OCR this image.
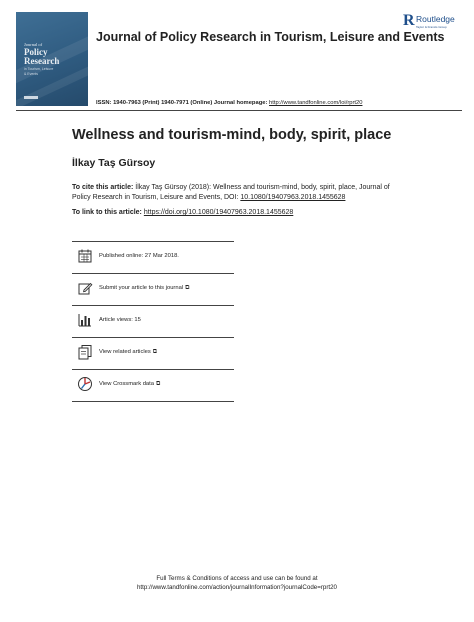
Journal of
Policy
Research
in Tourism, Leisure
& Events
Journal of Policy Research in Tourism, Leisure and Events
R Routledge
Taylor & Francis Group
ISSN: 1940-7963 (Print) 1940-7971 (Online) Journal homepage: http://www.tandfonline.com/loi/rprt20
Wellness and tourism-mind, body, spirit, place
İlkay Taş Gürsoy
To cite this article: İlkay Taş Gürsoy (2018): Wellness and tourism-mind, body, spirit, place, Journal of Policy Research in Tourism, Leisure and Events, DOI: 10.1080/19407963.2018.1455628
To link to this article: https://doi.org/10.1080/19407963.2018.1455628
Published online: 27 Mar 2018.
Submit your article to this journal ⧉
Article views: 15
View related articles ⧉
View Crossmark data ⧉
Full Terms & Conditions of access and use can be found at
http://www.tandfonline.com/action/journalInformation?journalCode=rprt20
